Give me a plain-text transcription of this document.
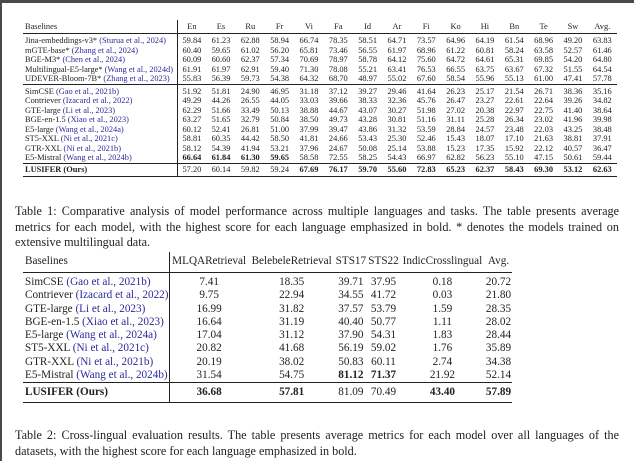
Baselines	En	Es	Ru	Fr	Vi	Fa	Id	Ar	Fi	Ko	Hi	Bn	Te	Sw	Avg.
Jina-embeddings-v3* (Sturua et al., 2024)	59.84	61.23	62.88	58.94	66.74	78.35	58.51	64.71	73.57	64.96	64.19	61.54	68.96	49.20	63.83
mGTE-base* (Zhang et al., 2024)	60.40	59.65	61.02	56.20	65.81	73.46	56.55	61.97	68.96	61.22	60.81	58.24	63.58	52.57	61.46
BGE-M3* (Chen et al., 2024)	60.09	60.60	62.37	57.34	70.69	78.97	58.78	64.12	75.60	64.72	64.61	65.31	69.85	54.20	64.80
Multilingual-E5-large* (Wang et al., 2024d)	61.91	61.97	62.91	59.40	71.30	78.08	55.21	63.41	76.53	66.55	63.75	63.67	67.32	51.55	64.54
UDEVER-Bloom-7B* (Zhang et al., 2023)	55.83	56.39	59.73	54.38	64.32	68.70	48.97	55.02	67.60	58.54	55.96	55.13	61.00	47.41	57.78
SimCSE (Gao et al., 2021b)	51.92	51.81	24.90	46.95	31.18	37.12	39.27	29.46	41.64	26.23	25.17	21.54	26.71	38.36	35.16
Contriever (Izacard et al., 2022)	49.29	44.26	26.55	44.05	33.03	39.66	38.33	32.36	45.76	26.47	23.27	22.61	22.64	39.26	34.82
GTE-large (Li et al., 2023)	62.29	51.66	33.49	50.13	38.88	44.67	43.07	30.27	51.98	27.02	20.38	22.97	22.75	41.40	38.64
BGE-en-1.5 (Xiao et al., 2023)	63.27	51.65	32.79	50.84	38.50	49.73	43.28	30.81	51.16	31.11	25.28	26.34	23.02	41.96	39.98
E5-large (Wang et al., 2024a)	60.12	52.41	26.81	51.00	37.99	39.47	43.86	31.32	53.59	28.84	24.57	23.48	22.03	43.25	38.48
ST5-XXL (Ni et al., 2021c)	58.81	60.35	44.42	58.50	41.81	24.66	53.43	25.30	52.46	15.43	18.07	17.10	21.63	38.81	37.91
GTR-XXL (Ni et al., 2021b)	58.12	54.39	41.94	53.21	37.96	24.67	50.08	25.14	53.88	15.23	17.35	15.92	22.12	40.57	36.47
E5-Mistral (Wang et al., 2024b)	66.64	61.84	61.30	59.65	58.58	72.55	58.25	54.43	66.97	62.82	56.23	55.10	47.15	50.61	59.44
LUSIFER (Ours)	57.20	60.14	59.82	59.24	67.69	76.17	59.70	55.60	72.83	65.23	62.37	58.43	69.30	53.12	62.63

Table 1: Comparative analysis of model performance across multiple languages and tasks. The table presents average metrics for each model, with the highest score for each language emphasized in bold. * denotes the models trained on extensive multilingual data.

Baselines	MLQARetrieval	BelebeleRetrieval	STS17	STS22	IndicCrosslingual	Avg.
SimCSE (Gao et al., 2021b)	7.41	18.35	39.71	37.95	0.18	20.72
Contriever (Izacard et al., 2022)	9.75	22.94	34.55	41.72	0.03	21.80
GTE-large (Li et al., 2023)	16.99	31.82	37.57	53.79	1.59	28.35
BGE-en-1.5 (Xiao et al., 2023)	16.64	31.19	40.40	50.77	1.11	28.02
E5-large (Wang et al., 2024a)	17.04	31.12	37.90	54.31	1.83	28.44
ST5-XXL (Ni et al., 2021c)	20.82	41.68	56.19	59.02	1.76	35.89
GTR-XXL (Ni et al., 2021b)	20.19	38.02	50.83	60.11	2.74	34.38
E5-Mistral (Wang et al., 2024b)	31.54	54.75	81.12	71.37	21.92	52.14
LUSIFER (Ours)	36.68	57.81	81.09	70.49	43.40	57.89

Table 2: Cross-lingual evaluation results. The table presents average metrics for each model over all languages of the datasets, with the highest score for each language emphasized in bold.
